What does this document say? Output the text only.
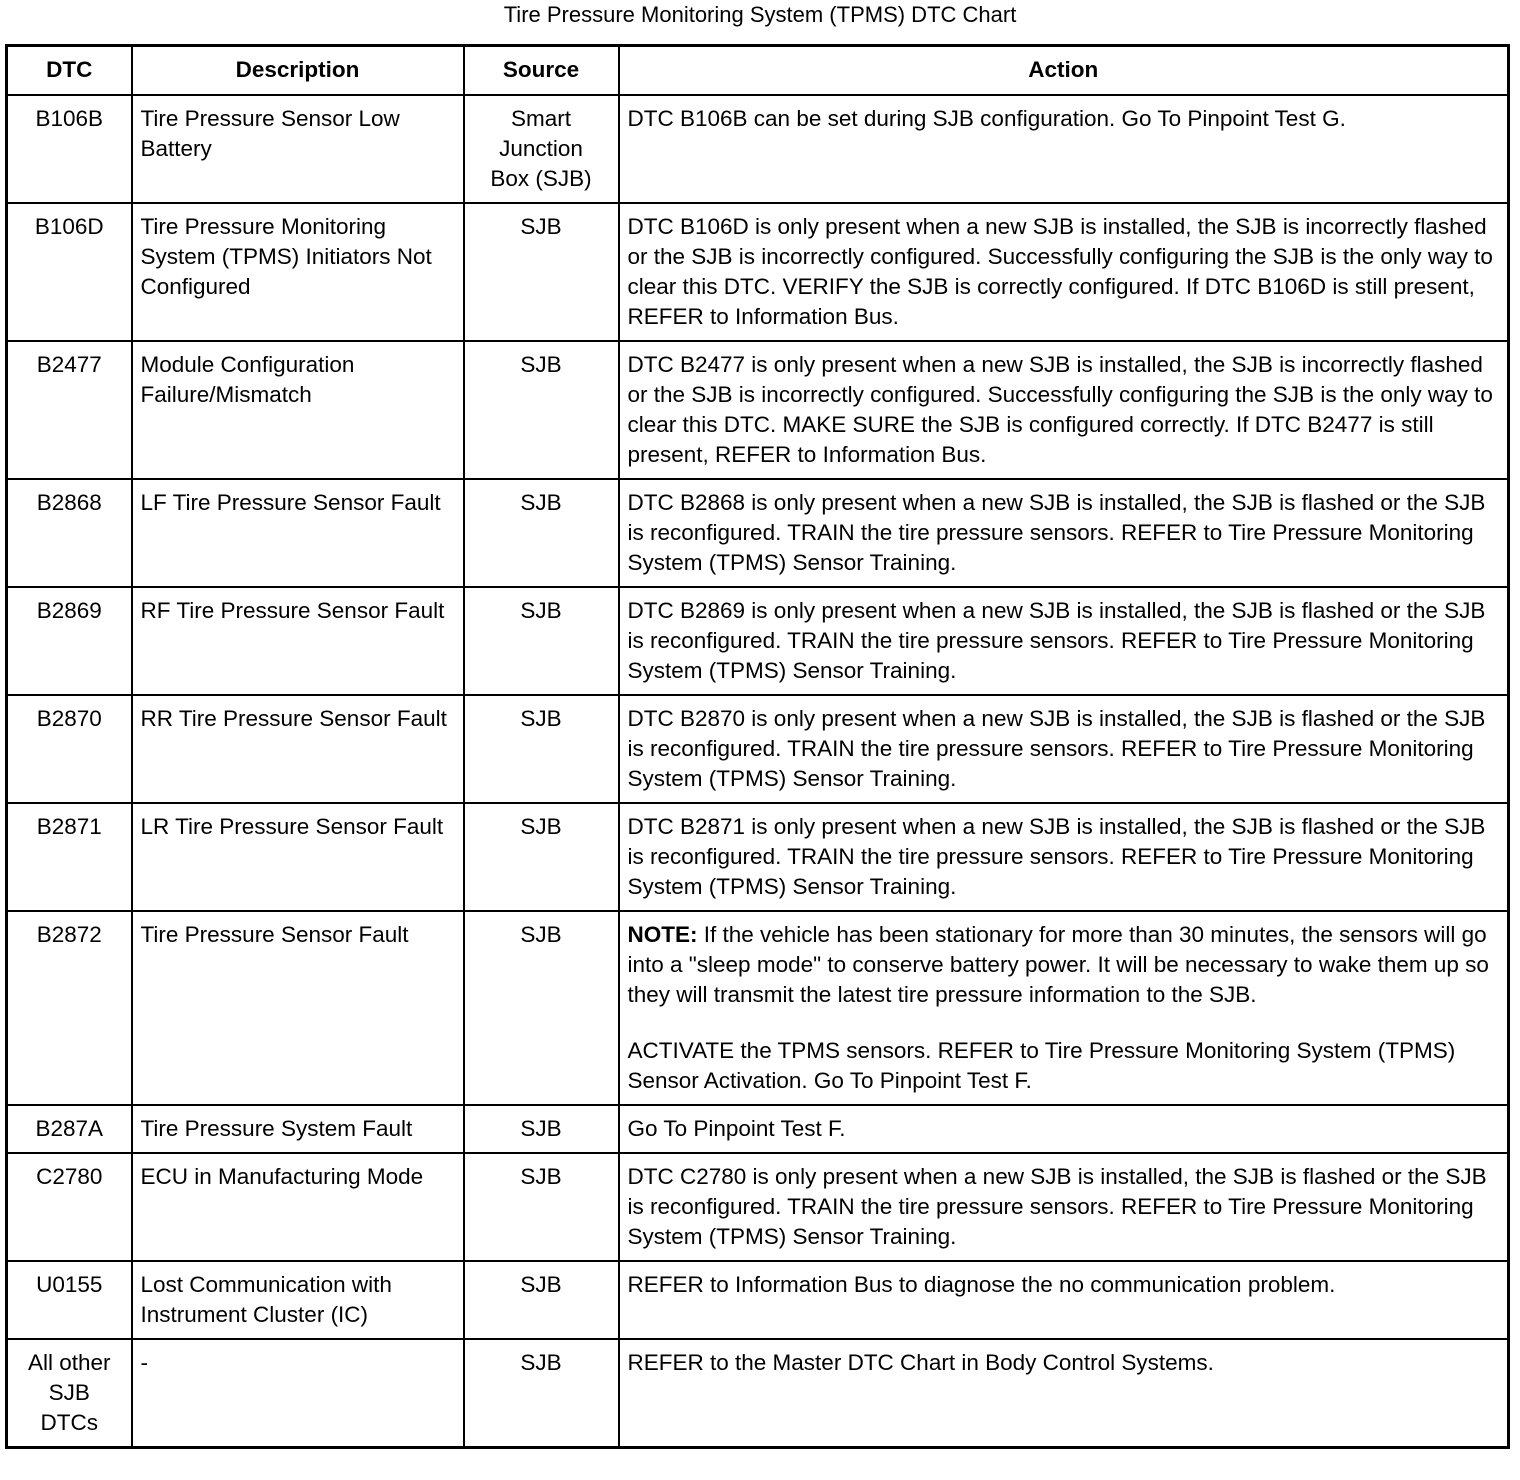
Tire Pressure Monitoring System (TPMS) DTC Chart
DTC	Description	Source	Action
B106B	Tire Pressure Sensor Low Battery	Smart Junction Box (SJB)	DTC B106B can be set during SJB configuration. Go To Pinpoint Test G.
B106D	Tire Pressure Monitoring System (TPMS) Initiators Not Configured	SJB	DTC B106D is only present when a new SJB is installed, the SJB is incorrectly flashed or the SJB is incorrectly configured. Successfully configuring the SJB is the only way to clear this DTC. VERIFY the SJB is correctly configured. If DTC B106D is still present, REFER to Information Bus.
B2477	Module Configuration Failure/Mismatch	SJB	DTC B2477 is only present when a new SJB is installed, the SJB is incorrectly flashed or the SJB is incorrectly configured. Successfully configuring the SJB is the only way to clear this DTC. MAKE SURE the SJB is configured correctly. If DTC B2477 is still present, REFER to Information Bus.
B2868	LF Tire Pressure Sensor Fault	SJB	DTC B2868 is only present when a new SJB is installed, the SJB is flashed or the SJB is reconfigured. TRAIN the tire pressure sensors. REFER to Tire Pressure Monitoring System (TPMS) Sensor Training.
B2869	RF Tire Pressure Sensor Fault	SJB	DTC B2869 is only present when a new SJB is installed, the SJB is flashed or the SJB is reconfigured. TRAIN the tire pressure sensors. REFER to Tire Pressure Monitoring System (TPMS) Sensor Training.
B2870	RR Tire Pressure Sensor Fault	SJB	DTC B2870 is only present when a new SJB is installed, the SJB is flashed or the SJB is reconfigured. TRAIN the tire pressure sensors. REFER to Tire Pressure Monitoring System (TPMS) Sensor Training.
B2871	LR Tire Pressure Sensor Fault	SJB	DTC B2871 is only present when a new SJB is installed, the SJB is flashed or the SJB is reconfigured. TRAIN the tire pressure sensors. REFER to Tire Pressure Monitoring System (TPMS) Sensor Training.
B2872	Tire Pressure Sensor Fault	SJB	NOTE: If the vehicle has been stationary for more than 30 minutes, the sensors will go into a "sleep mode" to conserve battery power. It will be necessary to wake them up so they will transmit the latest tire pressure information to the SJB.
ACTIVATE the TPMS sensors. REFER to Tire Pressure Monitoring System (TPMS) Sensor Activation. Go To Pinpoint Test F.

B287A	Tire Pressure System Fault	SJB	Go To Pinpoint Test F.
C2780	ECU in Manufacturing Mode	SJB	DTC C2780 is only present when a new SJB is installed, the SJB is flashed or the SJB is reconfigured. TRAIN the tire pressure sensors. REFER to Tire Pressure Monitoring System (TPMS) Sensor Training.
U0155	Lost Communication with Instrument Cluster (IC)	SJB	REFER to Information Bus to diagnose the no communication problem.
All other SJB DTCs	-	SJB	REFER to the Master DTC Chart in Body Control Systems.
